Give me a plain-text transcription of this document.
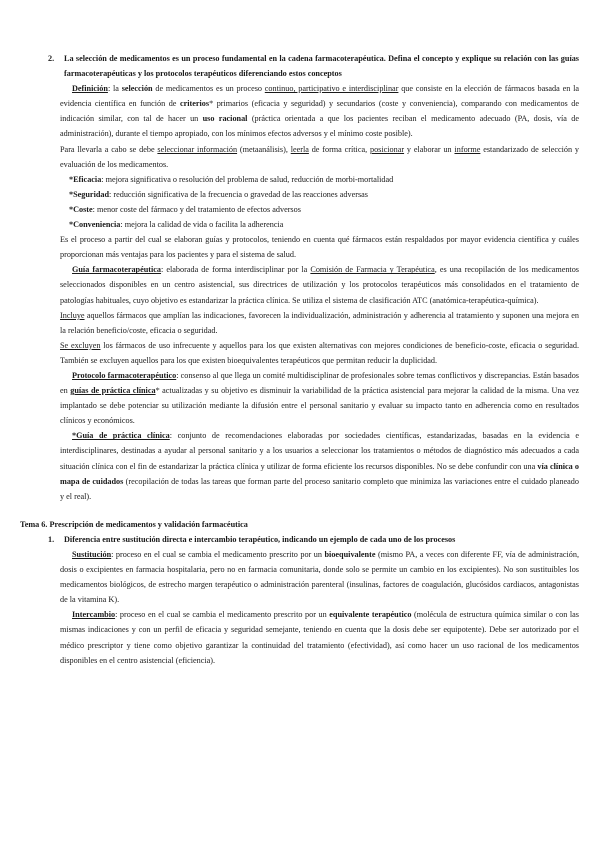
2. La selección de medicamentos es un proceso fundamental en la cadena farmacoterapéutica. Defina el concepto y explique su relación con las guías farmacoterapéuticas y los protocolos terapéuticos diferenciando estos conceptos

Definición: la selección de medicamentos es un proceso continuo, participativo e interdisciplinar que consiste en la elección de fármacos basada en la evidencia científica en función de criterios* primarios (eficacia y seguridad) y secundarios (coste y conveniencia), comparando con medicamentos de indicación similar, con tal de hacer un uso racional (práctica orientada a que los pacientes reciban el medicamento adecuado (PA, dosis, vía de administración), durante el tiempo apropiado, con los mínimos efectos adversos y el mínimo coste posible).

Para llevarla a cabo se debe seleccionar información (metaanálisis), leerla de forma crítica, posicionar y elaborar un informe estandarizado de selección y evaluación de los medicamentos.

*Eficacia: mejora significativa o resolución del problema de salud, reducción de morbi-mortalidad

*Seguridad: reducción significativa de la frecuencia o gravedad de las reacciones adversas

*Coste: menor coste del fármaco y del tratamiento de efectos adversos

*Conveniencia: mejora la calidad de vida o facilita la adherencia

Es el proceso a partir del cual se elaboran guías y protocolos, teniendo en cuenta qué fármacos están respaldados por mayor evidencia científica y cuáles proporcionan más ventajas para los pacientes y para el sistema de salud.

Guía farmacoterapéutica: elaborada de forma interdisciplinar por la Comisión de Farmacia y Terapéutica, es una recopilación de los medicamentos seleccionados disponibles en un centro asistencial, sus directrices de utilización y los protocolos terapéuticos más consolidados en el tratamiento de patologías habituales, cuyo objetivo es estandarizar la práctica clínica. Se utiliza el sistema de clasificación ATC (anatómica-terapéutica-química).

Incluye aquellos fármacos que amplían las indicaciones, favorecen la individualización, administración y adherencia al tratamiento y suponen una mejora en la relación beneficio/coste, eficacia o seguridad.

Se excluyen los fármacos de uso infrecuente y aquellos para los que existen alternativas con mejores condiciones de beneficio-coste, eficacia o seguridad. También se excluyen aquellos para los que existen bioequivalentes terapéuticos que permitan reducir la duplicidad.

Protocolo farmacoterapéutico: consenso al que llega un comité multidisciplinar de profesionales sobre temas conflictivos y discrepancias. Están basados en guías de práctica clínica* actualizadas y su objetivo es disminuir la variabilidad de la práctica asistencial para mejorar la calidad de la misma. Una vez implantado se debe potenciar su utilización mediante la difusión entre el personal sanitario y evaluar su impacto tanto en adherencia como en resultados clínicos y económicos.

*Guía de práctica clínica: conjunto de recomendaciones elaboradas por sociedades científicas, estandarizadas, basadas en la evidencia e interdisciplinares, destinadas a ayudar al personal sanitario y a los usuarios a seleccionar los tratamientos o métodos de diagnóstico más adecuados a cada situación clínica con el fin de estandarizar la práctica clínica y utilizar de forma eficiente los recursos disponibles. No se debe confundir con una vía clínica o mapa de cuidados (recopilación de todas las tareas que forman parte del proceso sanitario completo que minimiza las variaciones entre el cuidado planeado y el real).

Tema 6. Prescripción de medicamentos y validación farmacéutica

1. Diferencia entre sustitución directa e intercambio terapéutico, indicando un ejemplo de cada uno de los procesos

Sustitución: proceso en el cual se cambia el medicamento prescrito por un bioequivalente (mismo PA, a veces con diferente FF, vía de administración, dosis o excipientes en farmacia hospitalaria, pero no en farmacia comunitaria, donde solo se permite un cambio en los excipientes). No son sustituibles los medicamentos biológicos, de estrecho margen terapéutico o administración parenteral (insulinas, factores de coagulación, glucósidos cardiacos, antagonistas de la vitamina K).

Intercambio: proceso en el cual se cambia el medicamento prescrito por un equivalente terapéutico (molécula de estructura química similar o con las mismas indicaciones y con un perfil de eficacia y seguridad semejante, teniendo en cuenta que la dosis debe ser equipotente). Debe ser autorizado por el médico prescriptor y tiene como objetivo garantizar la continuidad del tratamiento (efectividad), así como hacer un uso racional de los medicamentos disponibles en el centro asistencial (eficiencia).
